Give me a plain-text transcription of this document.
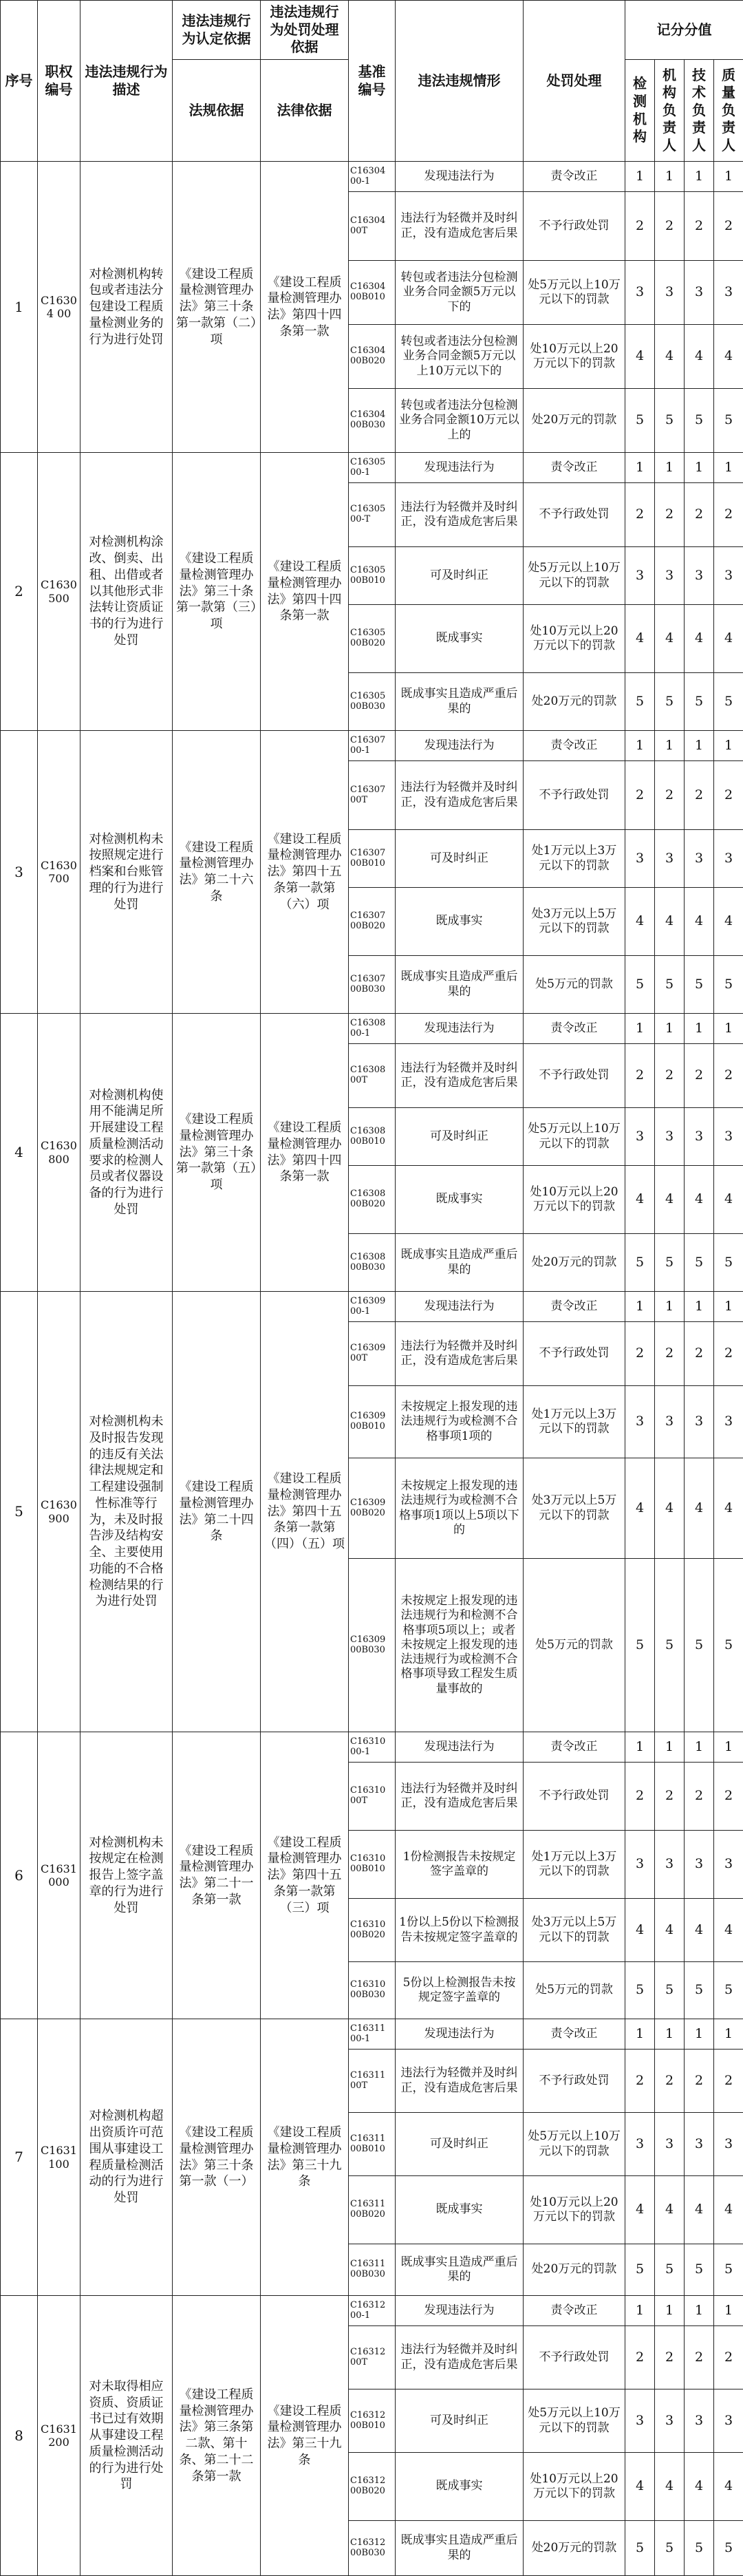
序号	职权编号	违法违规行为描述	违法违规行为认定依据	违法违规行为处罚处理依据	基准编号	违法违规情形	处罚处理	记分分值			
			法规依据	法律依据				检测机构	机构负责人	技术负责人	质量负责人
1	C16304 00	对检测机构转包或者违法分包建设工程质量检测业务的行为进行处罚	《建设工程质量检测管理办法》第三十条第一款第（二）项	《建设工程质量检测管理办法》第四十四条第一款	C16304 00-1	发现违法行为	责令改正	1	1	1	1
					C16304 00T	违法行为轻微并及时纠正，没有造成危害后果	不予行政处罚	2	2	2	2
					C16304 00B010	转包或者违法分包检测业务合同金额5万元以下的	处5万元以上10万元以下的罚款	3	3	3	3
					C16304 00B020	转包或者违法分包检测业务合同金额5万元以上10万元以下的	处10万元以上20万元以下的罚款	4	4	4	4
					C16304 00B030	转包或者违法分包检测业务合同金额10万元以上的	处20万元的罚款	5	5	5	5
2	C1630 500	对检测机构涂改、倒卖、出租、出借或者以其他形式非法转让资质证书的行为进行处罚	《建设工程质量检测管理办法》第三十条第一款第（三）项	《建设工程质量检测管理办法》第四十四条第一款	C16305 00-1	发现违法行为	责令改正	1	1	1	1
					C16305 00-T	违法行为轻微并及时纠正，没有造成危害后果	不予行政处罚	2	2	2	2
					C16305 00B010	可及时纠正	处5万元以上10万元以下的罚款	3	3	3	3
					C16305 00B020	既成事实	处10万元以上20万元以下的罚款	4	4	4	4
					C16305 00B030	既成事实且造成严重后果的	处20万元的罚款	5	5	5	5
3	C1630 700	对检测机构未按照规定进行档案和台账管理的行为进行处罚	《建设工程质量检测管理办法》第二十六条	《建设工程质量检测管理办法》第四十五条第一款第（六）项	C16307 00-1	发现违法行为	责令改正	1	1	1	1
					C16307 00T	违法行为轻微并及时纠正，没有造成危害后果	不予行政处罚	2	2	2	2
					C16307 00B010	可及时纠正	处1万元以上3万元以下的罚款	3	3	3	3
					C16307 00B020	既成事实	处3万元以上5万元以下的罚款	4	4	4	4
					C16307 00B030	既成事实且造成严重后果的	处5万元的罚款	5	5	5	5
4	C1630 800	对检测机构使用不能满足所开展建设工程质量检测活动要求的检测人员或者仪器设备的行为进行处罚	《建设工程质量检测管理办法》第三十条第一款第（五）项	《建设工程质量检测管理办法》第四十四条第一款	C16308 00-1	发现违法行为	责令改正	1	1	1	1
					C16308 00T	违法行为轻微并及时纠正，没有造成危害后果	不予行政处罚	2	2	2	2
					C16308 00B010	可及时纠正	处5万元以上10万元以下的罚款	3	3	3	3
					C16308 00B020	既成事实	处10万元以上20万元以下的罚款	4	4	4	4
					C16308 00B030	既成事实且造成严重后果的	处20万元的罚款	5	5	5	5
5	C1630 900	对检测机构未及时报告发现的违反有关法律法规规定和工程建设强制性标准等行为，未及时报告涉及结构安全、主要使用功能的不合格检测结果的行为进行处罚	《建设工程质量检测管理办法》第二十四条	《建设工程质量检测管理办法》第四十五条第一款第（四）（五）项	C16309 00-1	发现违法行为	责令改正	1	1	1	1
					C16309 00T	违法行为轻微并及时纠正，没有造成危害后果	不予行政处罚	2	2	2	2
					C16309 00B010	未按规定上报发现的违法违规行为或检测不合格事项1项的	处1万元以上3万元以下的罚款	3	3	3	3
					C16309 00B020	未按规定上报发现的违法违规行为或检测不合格事项1项以上5项以下的	处3万元以上5万元以下的罚款	4	4	4	4
					C16309 00B030	未按规定上报发现的违法违规行为和检测不合格事项5项以上；或者未按规定上报发现的违法违规行为或检测不合格事项导致工程发生质量事故的	处5万元的罚款	5	5	5	5
6	C1631 000	对检测机构未按规定在检测报告上签字盖章的行为进行处罚	《建设工程质量检测管理办法》第二十一条第一款	《建设工程质量检测管理办法》第四十五条第一款第（三）项	C16310 00-1	发现违法行为	责令改正	1	1	1	1
					C16310 00T	违法行为轻微并及时纠正，没有造成危害后果	不予行政处罚	2	2	2	2
					C16310 00B010	1份检测报告未按规定签字盖章的	处1万元以上3万元以下的罚款	3	3	3	3
					C16310 00B020	1份以上5份以下检测报告未按规定签字盖章的	处3万元以上5万元以下的罚款	4	4	4	4
					C16310 00B030	5份以上检测报告未按规定签字盖章的	处5万元的罚款	5	5	5	5
7	C1631 100	对检测机构超出资质许可范围从事建设工程质量检测活动的行为进行处罚	《建设工程质量检测管理办法》第三十条第一款（一）	《建设工程质量检测管理办法》第三十九条	C16311 00-1	发现违法行为	责令改正	1	1	1	1
					C16311 00T	违法行为轻微并及时纠正，没有造成危害后果	不予行政处罚	2	2	2	2
					C16311 00B010	可及时纠正	处5万元以上10万元以下的罚款	3	3	3	3
					C16311 00B020	既成事实	处10万元以上20万元以下的罚款	4	4	4	4
					C16311 00B030	既成事实且造成严重后果的	处20万元的罚款	5	5	5	5
8	C1631 200	对未取得相应资质、资质证书已过有效期从事建设工程质量检测活动的行为进行处罚	《建设工程质量检测管理办法》第三条第二款、第十条、第二十二条第一款	《建设工程质量检测管理办法》第三十九条	C16312 00-1	发现违法行为	责令改正	1	1	1	1
					C16312 00T	违法行为轻微并及时纠正，没有造成危害后果	不予行政处罚	2	2	2	2
					C16312 00B010	可及时纠正	处5万元以上10万元以下的罚款	3	3	3	3
					C16312 00B020	既成事实	处10万元以上20万元以下的罚款	4	4	4	4
					C16312 00B030	既成事实且造成严重后果的	处20万元的罚款	5	5	5	5
